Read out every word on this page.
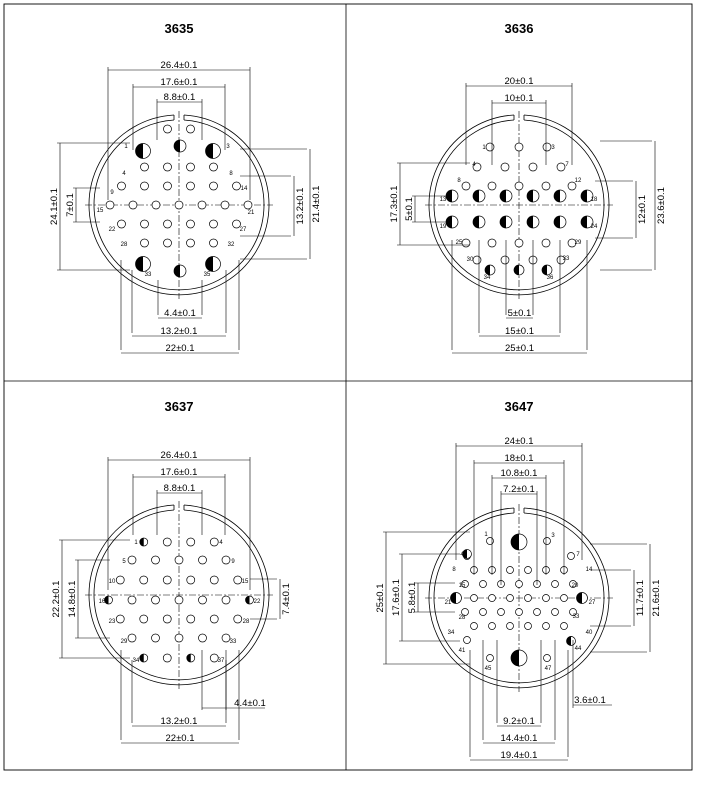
3635
1	3
4	8
9
14
15	21
22	27
28	32
33	35
26.4±0.1
17.6±0.1
8.8±0.1
4.4±0.1
13.2±0.1
22±0.1
24.1±0.1 7±0.1	13.2±0.1 21.4±0.1
3636
1	3
4	7
8	12
13	18
19	24
25	29
30	33
34	36
20±0.1
10±0.1
5±0.1
15±0.1
25±0.1
17.3±0.1 5±0.1	12±0.1 23.6±0.1
3637
1	4
5	9
10	15
16	22
23	28
29	33
34	37
26.4±0.1
17.6±0.1
8.8±0.1
4.4±0.1
13.2±0.1
22±0.1
22.2±0.1 14.8±0.1	7.4±0.1
3647
1	3
4	7
8	14
15	20
21	27
28	33
34	40
41	44
45	47
24±0.1
18±0.1
10.8±0.1
7.2±0.1
3.6±0.1
9.2±0.1
14.4±0.1
19.4±0.1
25±0.1 17.6±0.1 5.8±0.1	11.7±0.1 21.6±0.1
